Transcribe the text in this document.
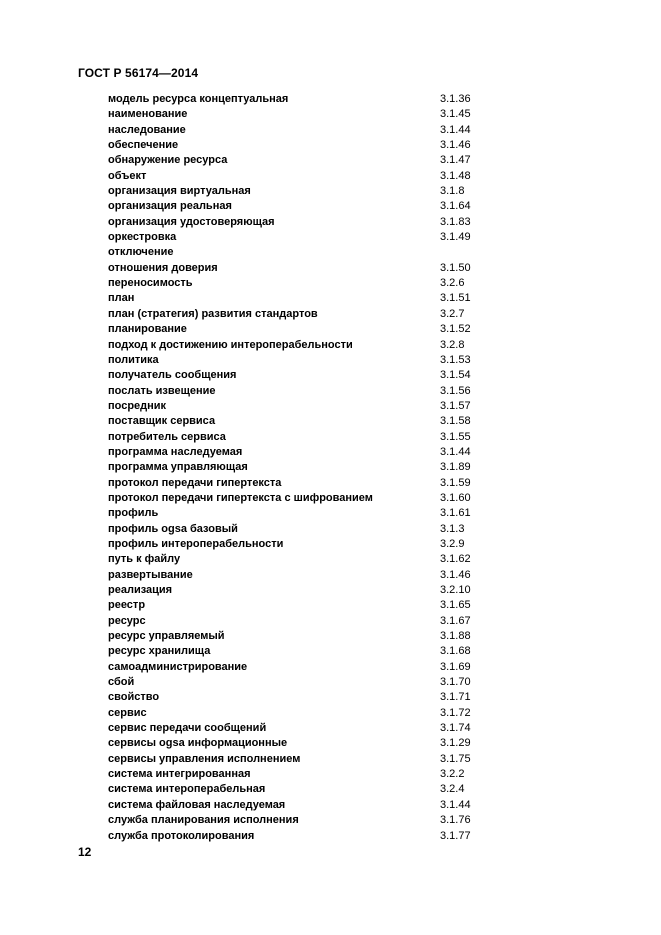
ГОСТ Р 56174—2014
модель ресурса концептуальная	3.1.36
наименование	3.1.45
наследование	3.1.44
обеспечение	3.1.46
обнаружение ресурса	3.1.47
объект	3.1.48
организация виртуальная	3.1.8
организация реальная	3.1.64
организация удостоверяющая	3.1.83
оркестровка	3.1.49
отключение
отношения доверия	3.1.50
переносимость	3.2.6
план	3.1.51
план (стратегия) развития стандартов	3.2.7
планирование	3.1.52
подход к достижению интероперабельности	3.2.8
политика	3.1.53
получатель сообщения	3.1.54
послать извещение	3.1.56
посредник	3.1.57
поставщик сервиса	3.1.58
потребитель сервиса	3.1.55
программа наследуемая	3.1.44
программа управляющая	3.1.89
протокол передачи гипертекста	3.1.59
протокол передачи гипертекста с шифрованием	3.1.60
профиль	3.1.61
профиль ogsa базовый	3.1.3
профиль интероперабельности	3.2.9
путь к файлу	3.1.62
развертывание	3.1.46
реализация	3.2.10
реестр	3.1.65
ресурс	3.1.67
ресурс управляемый	3.1.88
ресурс хранилища	3.1.68
самоадминистрирование	3.1.69
сбой	3.1.70
свойство	3.1.71
сервис	3.1.72
сервис передачи сообщений	3.1.74
сервисы ogsa информационные	3.1.29
сервисы управления исполнением	3.1.75
система интегрированная	3.2.2
система интероперабельная	3.2.4
система файловая наследуемая	3.1.44
служба планирования исполнения	3.1.76
служба протоколирования	3.1.77
12
